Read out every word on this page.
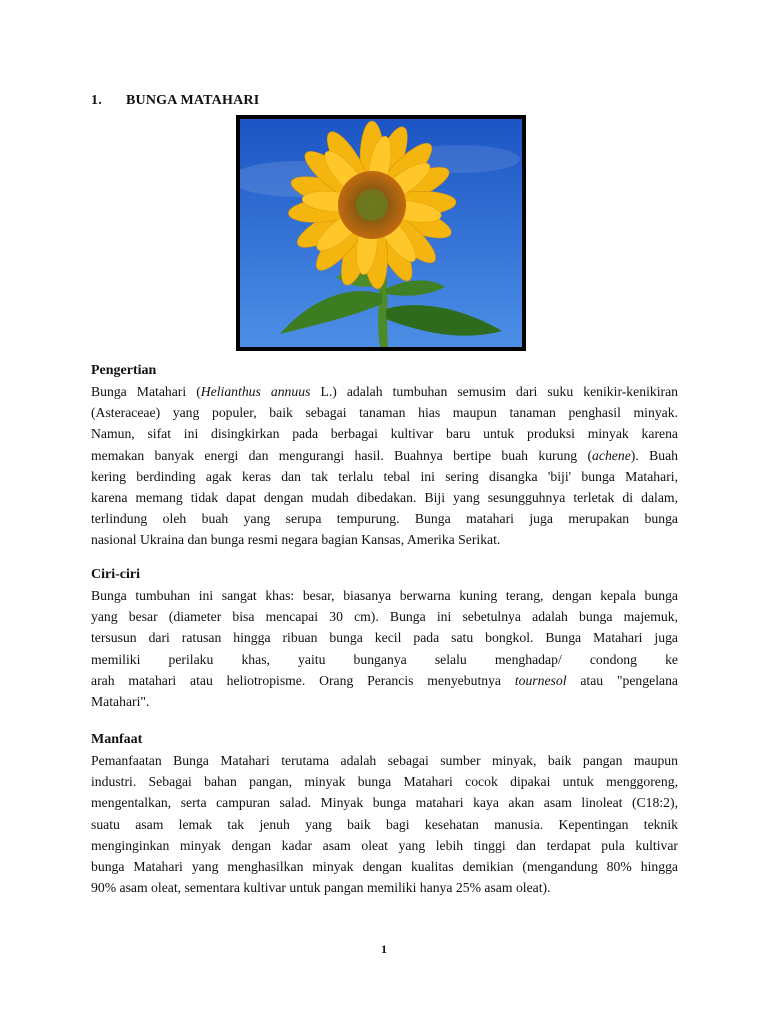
1. BUNGA MATAHARI
Pengertian
Bunga Matahari (Helianthus annuus L.) adalah tumbuhan semusim dari suku kenikir-kenikiran
(Asteraceae) yang populer, baik sebagai tanaman hias maupun tanaman penghasil minyak.
Namun, sifat ini disingkirkan pada berbagai kultivar baru untuk produksi minyak karena
memakan banyak energi dan mengurangi hasil. Buahnya bertipe buah kurung (achene). Buah
kering berdinding agak keras dan tak terlalu tebal ini sering disangka 'biji' bunga Matahari,
karena memang tidak dapat dengan mudah dibedakan. Biji yang sesungguhnya terletak di dalam,
terlindung oleh buah yang serupa tempurung. Bunga matahari juga merupakan bunga
nasional Ukraina dan bunga resmi negara bagian Kansas, Amerika Serikat.
Ciri-ciri
Bunga tumbuhan ini sangat khas: besar, biasanya berwarna kuning terang, dengan kepala bunga
yang besar (diameter bisa mencapai 30 cm). Bunga ini sebetulnya adalah bunga majemuk,
tersusun dari ratusan hingga ribuan bunga kecil pada satu bongkol. Bunga Matahari juga
memiliki perilaku khas, yaitu bunganya selalu menghadap/ condong ke
arah matahari atau heliotropisme. Orang Perancis menyebutnya tournesol atau "pengelana
Matahari".
Manfaat
Pemanfaatan Bunga Matahari terutama adalah sebagai sumber minyak, baik pangan maupun
industri. Sebagai bahan pangan, minyak bunga Matahari cocok dipakai untuk menggoreng,
mengentalkan, serta campuran salad. Minyak bunga matahari kaya akan asam linoleat (C18:2),
suatu asam lemak tak jenuh yang baik bagi kesehatan manusia. Kepentingan teknik
menginginkan minyak dengan kadar asam oleat yang lebih tinggi dan terdapat pula kultivar
bunga Matahari yang menghasilkan minyak dengan kualitas demikian (mengandung 80% hingga
90% asam oleat, sementara kultivar untuk pangan memiliki hanya 25% asam oleat).
1
